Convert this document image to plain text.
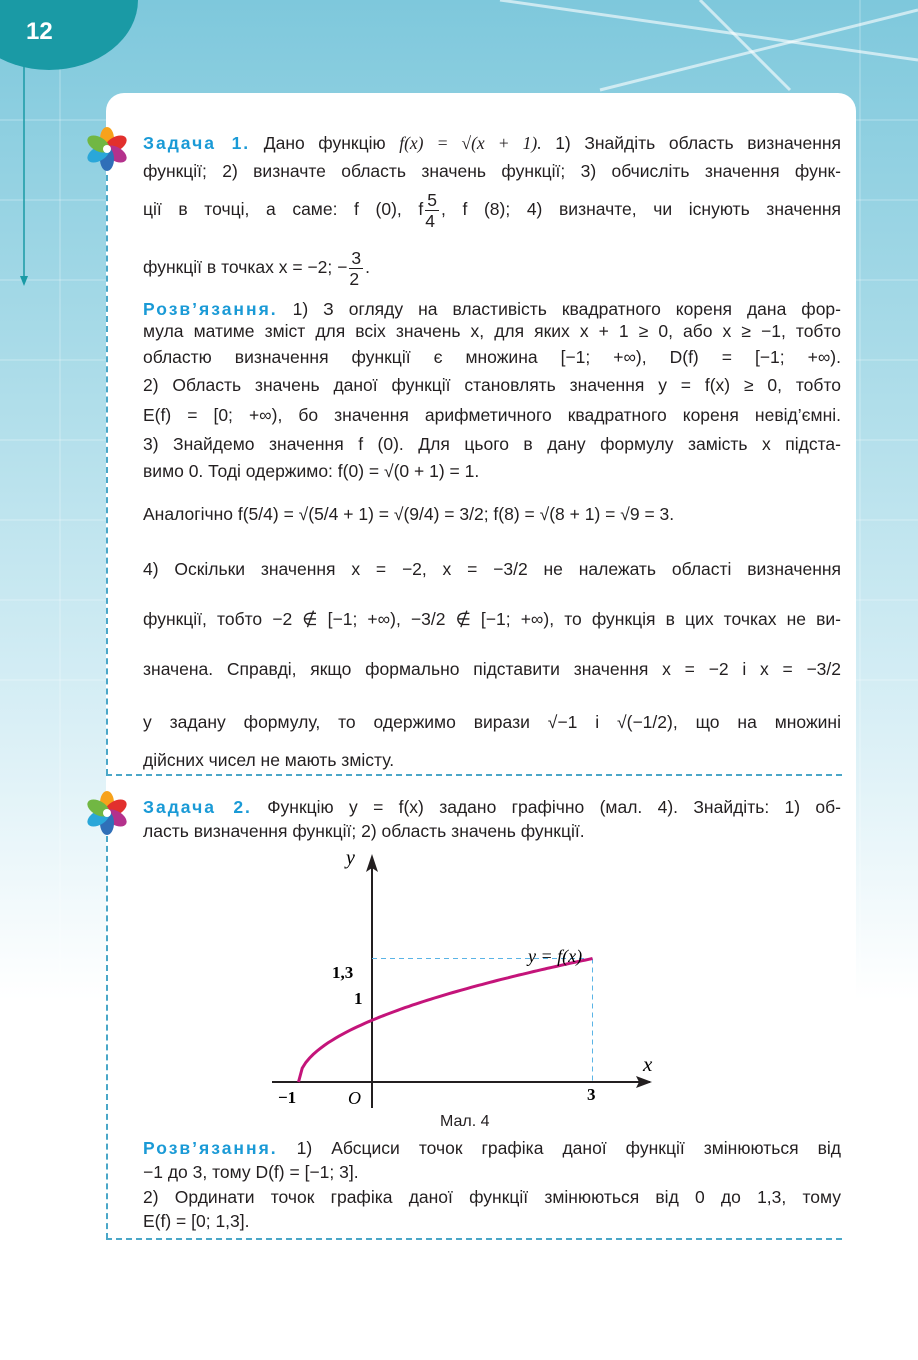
12
Задача 1. Дано функцію f(x) = √(x + 1). 1) Знайдіть область визначення
функції; 2) визначте область значень функції; 3) обчисліть значення функ-
ції в точці, а саме: f (0), f $\frac{5}{4}$ , f (8); 4) визначте, чи існують значення
функції в точках x = −2; − $\frac{3}{2}$ .
Розв’язання. 1) З огляду на властивість квадратного кореня дана фор-
мула матиме зміст для всіх значень x, для яких x + 1 ≥ 0, або x ≥ −1, тобто
областю визначення функції є множина [−1; +∞), D(f) = [−1; +∞).
2) Область значень даної функції становлять значення y = f(x) ≥ 0, тобто
E(f) = [0; +∞), бо значення арифметичного квадратного кореня невід’ємні.
3) Знайдемо значення f (0). Для цього в дану формулу замість x підста-
вимо 0. Тоді одержимо: f(0) = √(0 + 1) = 1.
Аналогічно f(5/4) = √(5/4 + 1) = √(9/4) = 3/2; f(8) = √(8 + 1) = √9 = 3.
4) Оскільки значення x = −2, x = −3/2 не належать області визначення
функції, тобто −2 ∉ [−1; +∞), −3/2 ∉ [−1; +∞), то функція в цих точках не ви-
значена. Справді, якщо формально підставити значення x = −2 і x = −3/2
у задану формулу, то одержимо вирази √−1 і √(−1/2), що на множині
дійсних чисел не мають змісту.
Задача 2. Функцію y = f(x) задано графічно (мал. 4). Знайдіть: 1) об-
ласть визначення функції; 2) область значень функції.
y
x
y = f(x)
O
1,3
1
−1	3
Мал. 4
Розв’язання. 1) Абсциси точок графіка даної функції змінюються від
−1 до 3, тому D(f) = [−1; 3].
2) Ординати точок графіка даної функції змінюються від 0 до 1,3, тому
E(f) = [0; 1,3].
